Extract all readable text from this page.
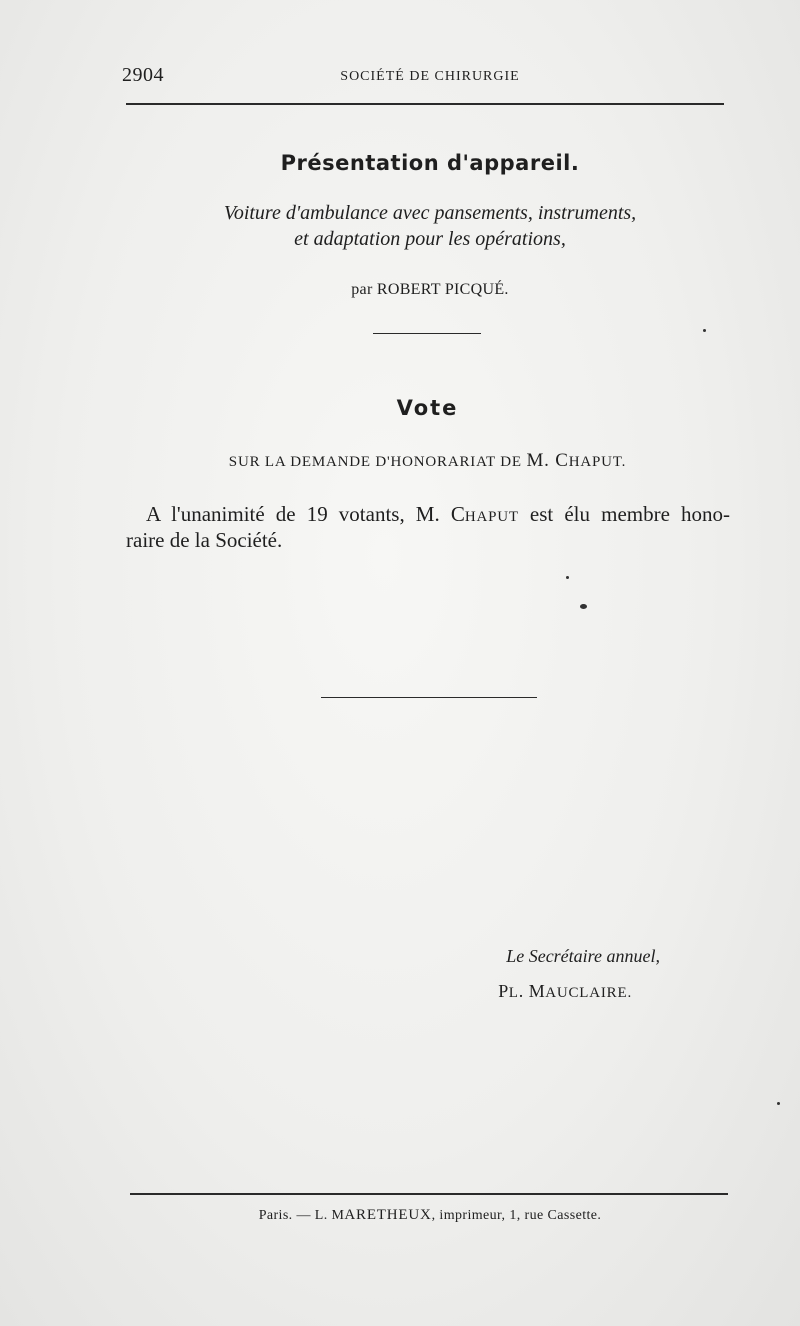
2904	SOCIÉTÉ DE CHIRURGIE
Présentation d'appareil.
Voiture d'ambulance avec pansements, instruments,
et adaptation pour les opérations,
par ROBERT PICQUÉ.
Vote
SUR LA DEMANDE D'HONORARIAT DE M. CHAPUT.
A l'unanimité de 19 votants, M. CHAPUT est élu membre hono-
raire de la Société.
Le Secrétaire annuel,
PL. MAUCLAIRE.
Paris. — L. MARETHEUX, imprimeur, 1, rue Cassette.
